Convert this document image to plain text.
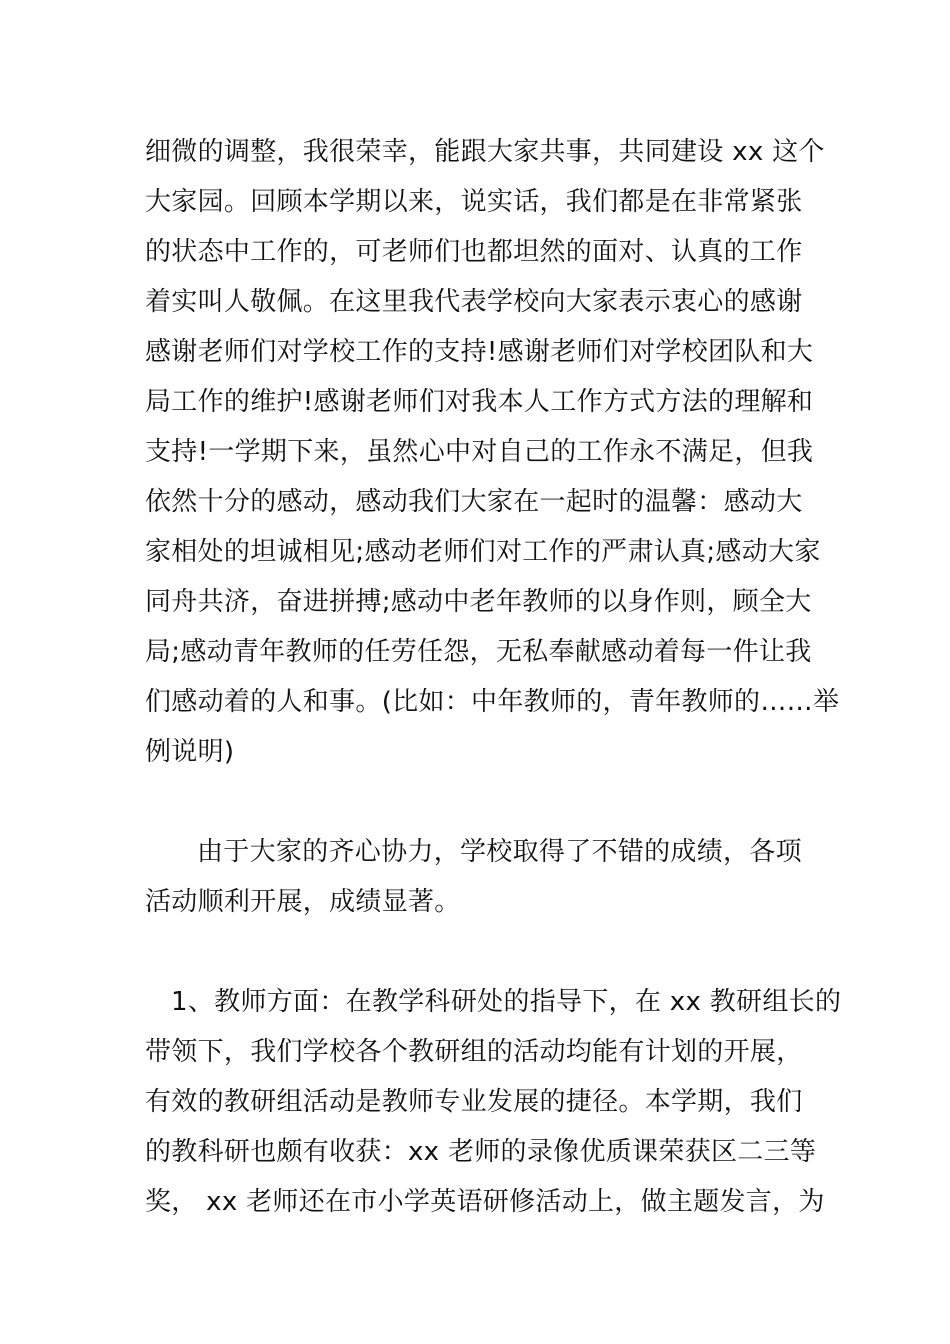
细微的调整，我很荣幸，能跟大家共事，共同建设 xx 这个
大家园。回顾本学期以来，说实话，我们都是在非常紧张
的状态中工作的，可老师们也都坦然的面对、认真的工作
着实叫人敬佩。在这里我代表学校向大家表示衷心的感谢
感谢老师们对学校工作的支持!感谢老师们对学校团队和大
局工作的维护!感谢老师们对我本人工作方式方法的理解和
支持!一学期下来，虽然心中对自己的工作永不满足，但我
依然十分的感动，感动我们大家在一起时的温馨：感动大
家相处的坦诚相见;感动老师们对工作的严肃认真;感动大家
同舟共济，奋进拼搏;感动中老年教师的以身作则，顾全大
局;感动青年教师的任劳任怨，无私奉献感动着每一件让我
们感动着的人和事。(比如：中年教师的，青年教师的……举
例说明)
由于大家的齐心协力，学校取得了不错的成绩，各项
活动顺利开展，成绩显著。
1、教师方面：在教学科研处的指导下，在 xx 教研组长的
带领下，我们学校各个教研组的活动均能有计划的开展，
有效的教研组活动是教师专业发展的捷径。本学期，我们
的教科研也颇有收获：xx 老师的录像优质课荣获区二三等
奖， xx 老师还在市小学英语研修活动上，做主题发言，为
